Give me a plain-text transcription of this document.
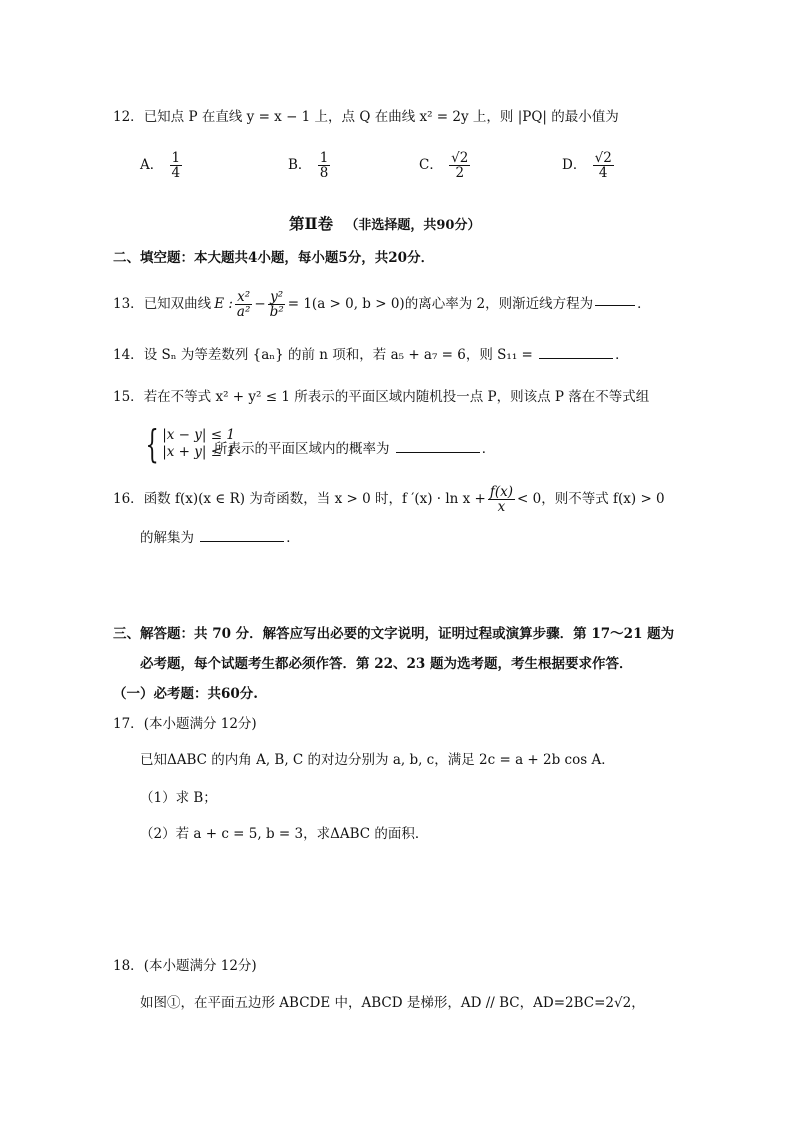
12．已知点 P 在直线 y = x − 1 上，点 Q 在曲线 x² = 2y 上，则 |PQ| 的最小值为
A． $\frac{1}{4}$	B． $\frac{1}{8}$	C． $\frac{√2}{2}$	D． $\frac{√2}{4}$
第Ⅱ卷 （非选择题，共90分）
二、填空题：本大题共4小题，每小题5分，共20分．
13． 已知双曲线 E : $\frac{\text{x²}}{\text{a²}} - \frac{\text{y²}}{\text{b²}} = 1(a > 0$, b > 0) 的离心率为 2，则渐近线方程为	．
14．设 Sₙ 为等差数列 {aₙ} 的前 n 项和，若 a₅ + a₇ = 6，则 S₁₁ =	．
15．若在不等式 x² + y² ≤ 1 所表示的平面区域内随机投一点 P，则该点 P 落在不等式组
{ |x − y| ≤ 1
|x + y| ≤ 1
所表示的平面区域内的概率为	．
16． 函数 f(x)(x ∈ R) 为奇函数，当 x > 0 时，f $'(x) \cdot \ln x + \frac{f(x)}{x} < 0$，则不等式 f(x) > 0
的解集为	．
三、解答题：共 70 分．解答应写出必要的文字说明，证明过程或演算步骤．第 17～21 题为
必考题，每个试题考生都必须作答．第 22、23 题为选考题，考生根据要求作答．
（一）必考题：共60分.
17．(本小题满分 12分)
已知ΔABC 的内角 A, B, C 的对边分别为 a, b, c，满足 2c = a + 2b cos A．
（1）求 B；
（2）若 a + c = 5, b = 3，求ΔABC 的面积．
18．(本小题满分 12分)
如图①，在平面五边形 ABCDE 中，ABCD 是梯形，AD // BC，AD=2BC=2√2，
